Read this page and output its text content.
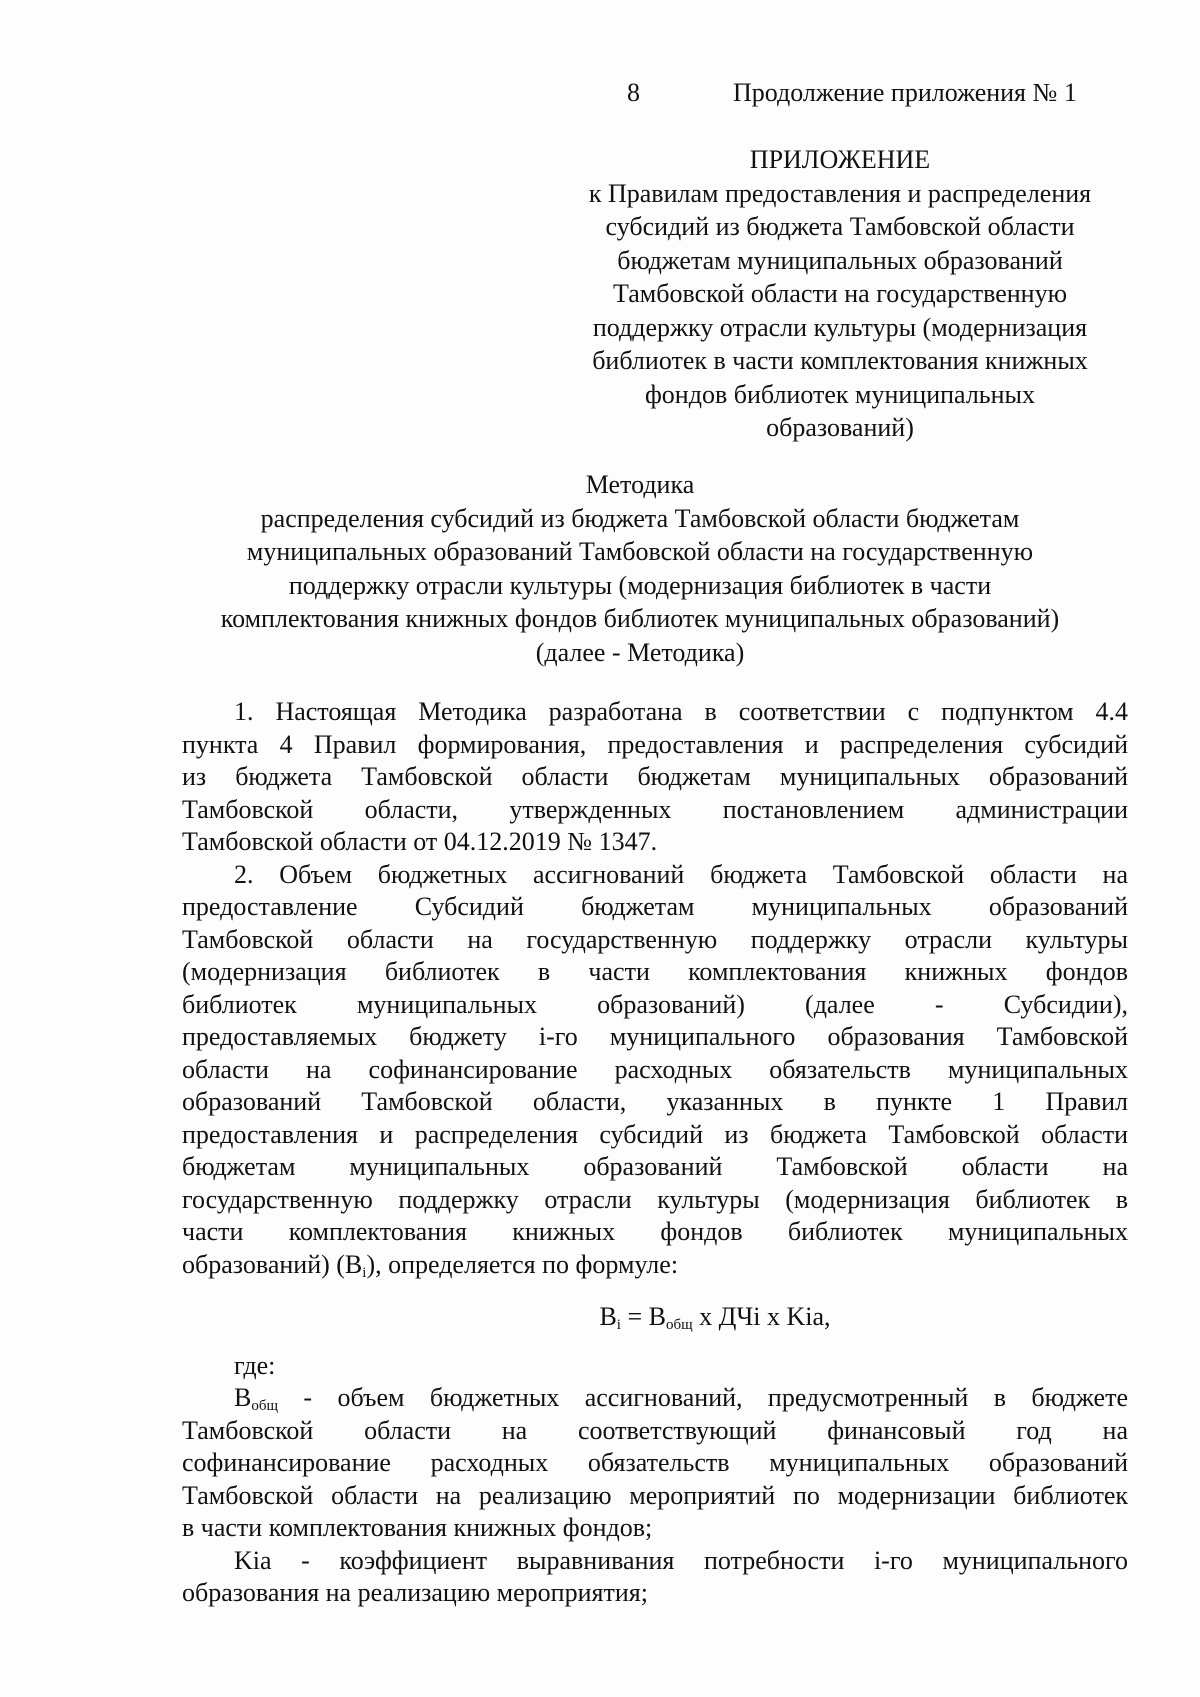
8	Продолжение приложения № 1
ПРИЛОЖЕНИЕ
к Правилам предоставления и распределения
субсидий из бюджета Тамбовской области
бюджетам муниципальных образований
Тамбовской области на государственную
поддержку отрасли культуры (модернизация
библиотек в части комплектования книжных
фондов библиотек муниципальных
образований)
Методика
распределения субсидий из бюджета Тамбовской области бюджетам
муниципальных образований Тамбовской области на государственную
поддержку отрасли культуры (модернизация библиотек в части
комплектования книжных фондов библиотек муниципальных образований)
(далее - Методика)
1. Настоящая Методика разработана в соответствии с подпунктом 4.4
пункта 4 Правил формирования, предоставления и распределения субсидий
из бюджета Тамбовской области бюджетам муниципальных образований
Тамбовской области, утвержденных постановлением администрации
Тамбовской области от 04.12.2019 № 1347.
2. Объем бюджетных ассигнований бюджета Тамбовской области на
предоставление Субсидий бюджетам муниципальных образований
Тамбовской области на государственную поддержку отрасли культуры
(модернизация библиотек в части комплектования книжных фондов
библиотек муниципальных образований) (далее - Субсидии),
предоставляемых бюджету i-го муниципального образования Тамбовской
области на софинансирование расходных обязательств муниципальных
образований Тамбовской области, указанных в пункте 1 Правил
предоставления и распределения субсидий из бюджета Тамбовской области
бюджетам муниципальных образований Тамбовской области на
государственную поддержку отрасли культуры (модернизация библиотек в
части комплектования книжных фондов библиотек муниципальных
образований) $(B_i)$, определяется по формуле:
$B_i = B_{общ}$ x ДЧi x Kia,
где:
$B_{общ}$ - объем бюджетных ассигнований, предусмотренный в бюджете
Тамбовской области на соответствующий финансовый год на
софинансирование расходных обязательств муниципальных образований
Тамбовской области на реализацию мероприятий по модернизации библиотек
в части комплектования книжных фондов;
Kia - коэффициент выравнивания потребности i-го муниципального
образования на реализацию мероприятия;
